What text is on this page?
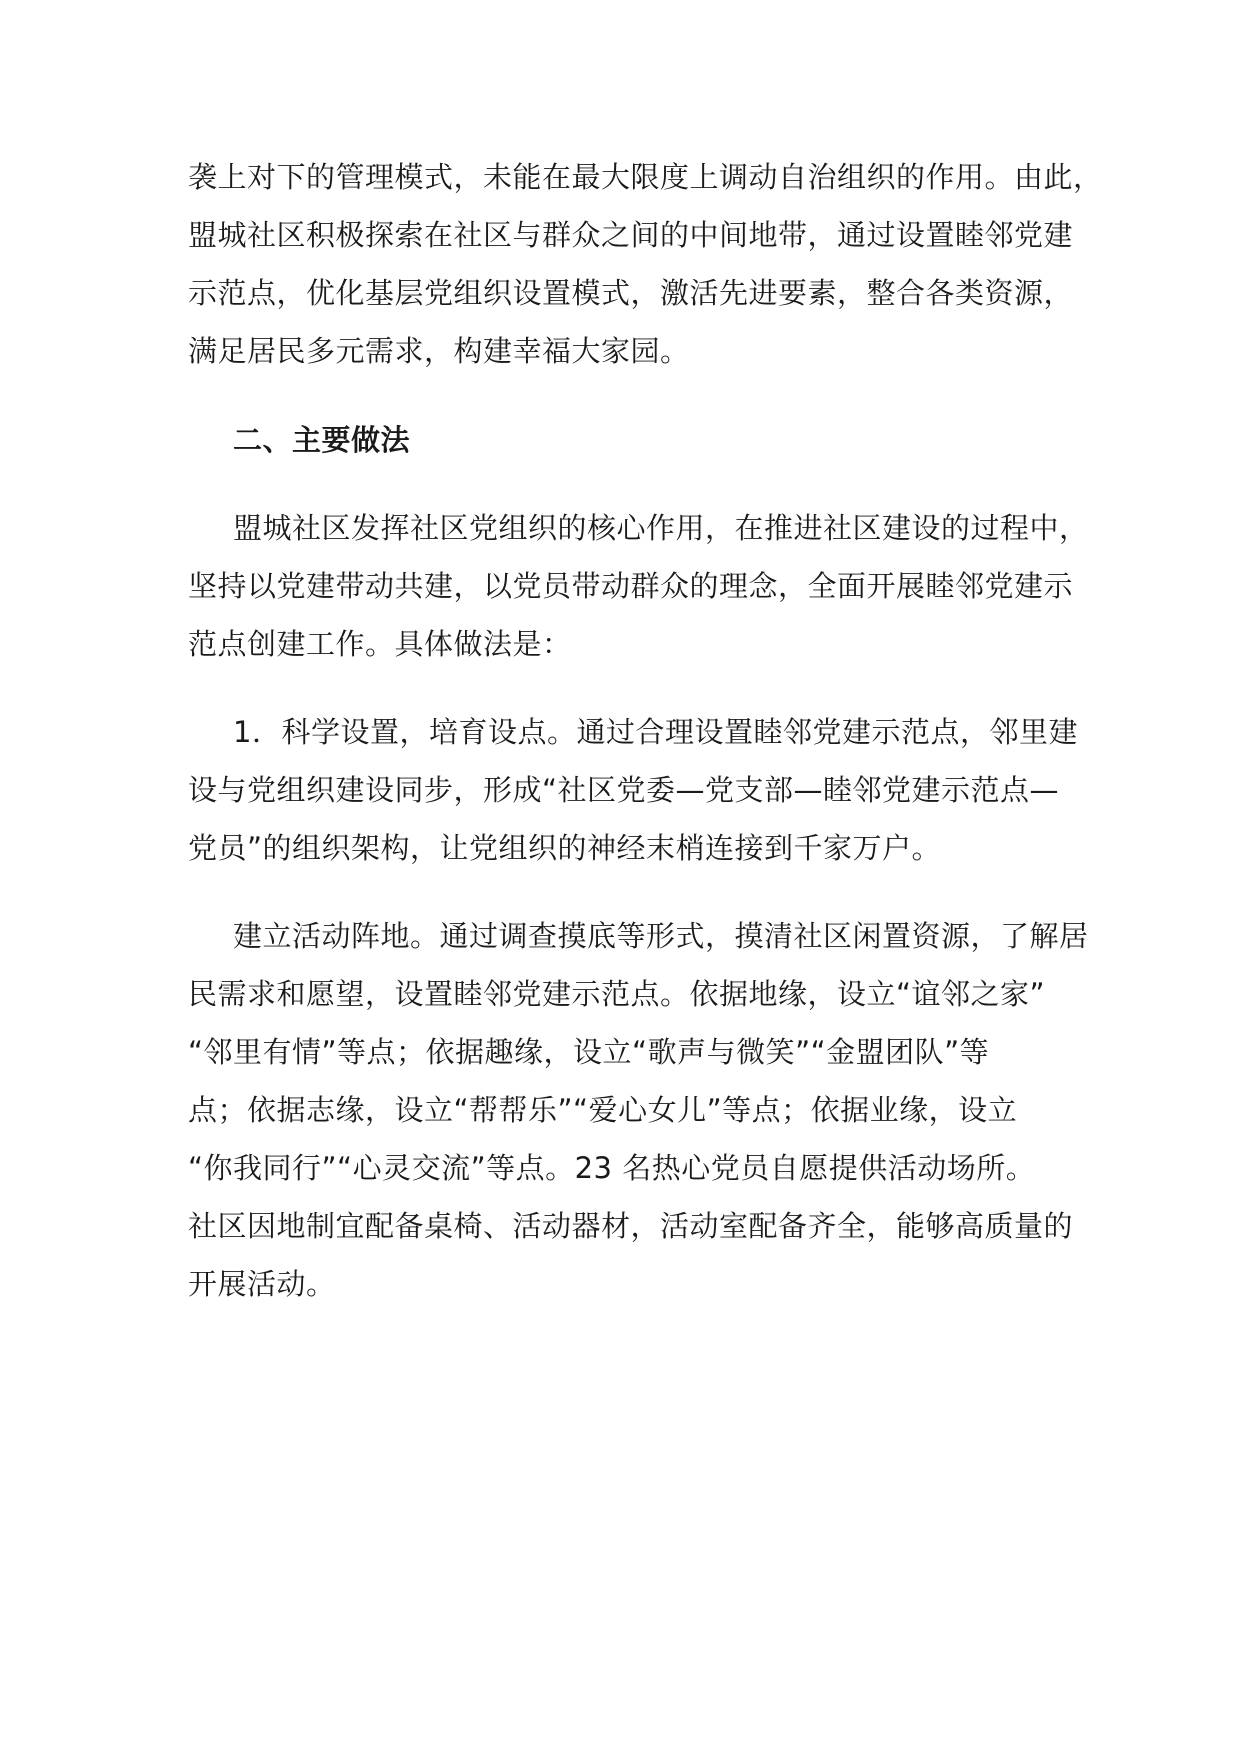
袭上对下的管理模式，未能在最大限度上调动自治组织的作用。由此，
盟城社区积极探索在社区与群众之间的中间地带，通过设置睦邻党建
示范点，优化基层党组织设置模式，激活先进要素，整合各类资源，
满足居民多元需求，构建幸福大家园。
二、主要做法
盟城社区发挥社区党组织的核心作用，在推进社区建设的过程中，
坚持以党建带动共建，以党员带动群众的理念，全面开展睦邻党建示
范点创建工作。具体做法是：
1．科学设置，培育设点。通过合理设置睦邻党建示范点，邻里建
设与党组织建设同步，形成“社区党委—党支部—睦邻党建示范点—
党员”的组织架构，让党组织的神经末梢连接到千家万户。
建立活动阵地。通过调查摸底等形式，摸清社区闲置资源，了解居
民需求和愿望，设置睦邻党建示范点。依据地缘，设立“谊邻之家”
“邻里有情”等点；依据趣缘，设立“歌声与微笑”“金盟团队”等
点；依据志缘，设立“帮帮乐”“爱心女儿”等点；依据业缘，设立
“你我同行”“心灵交流”等点。23 名热心党员自愿提供活动场所。
社区因地制宜配备桌椅、活动器材，活动室配备齐全，能够高质量的
开展活动。
